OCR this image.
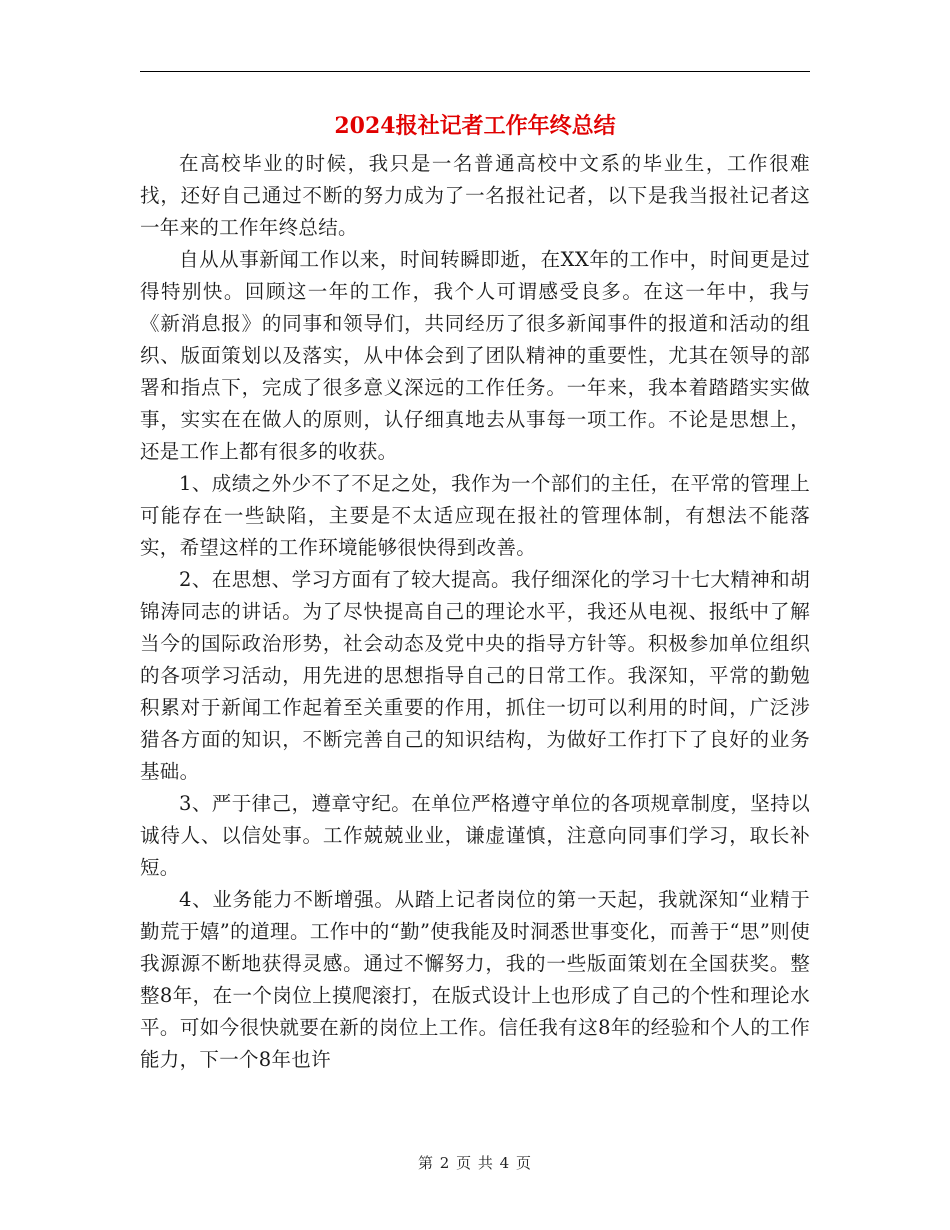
2024报社记者工作年终总结

在高校毕业的时候，我只是一名普通高校中文系的毕业生，工作很难找，还好自己通过不断的努力成为了一名报社记者，以下是我当报社记者这一年来的工作年终总结。

自从从事新闻工作以来，时间转瞬即逝，在XX年的工作中，时间更是过得特别快。回顾这一年的工作，我个人可谓感受良多。在这一年中，我与《新消息报》的同事和领导们，共同经历了很多新闻事件的报道和活动的组织、版面策划以及落实，从中体会到了团队精神的重要性，尤其在领导的部署和指点下，完成了很多意义深远的工作任务。一年来，我本着踏踏实实做事，实实在在做人的原则，认仔细真地去从事每一项工作。不论是思想上，还是工作上都有很多的收获。

1、成绩之外少不了不足之处，我作为一个部们的主任，在平常的管理上可能存在一些缺陷，主要是不太适应现在报社的管理体制，有想法不能落实，希望这样的工作环境能够很快得到改善。

2、在思想、学习方面有了较大提高。我仔细深化的学习十七大精神和胡锦涛同志的讲话。为了尽快提高自己的理论水平，我还从电视、报纸中了解当今的国际政治形势，社会动态及党中央的指导方针等。积极参加单位组织的各项学习活动，用先进的思想指导自己的日常工作。我深知，平常的勤勉积累对于新闻工作起着至关重要的作用，抓住一切可以利用的时间，广泛涉猎各方面的知识，不断完善自己的知识结构，为做好工作打下了良好的业务基础。

3、严于律己，遵章守纪。在单位严格遵守单位的各项规章制度，坚持以诚待人、以信处事。工作兢兢业业，谦虚谨慎，注意向同事们学习，取长补短。

4、业务能力不断增强。从踏上记者岗位的第一天起，我就深知“业精于勤荒于嬉”的道理。工作中的“勤”使我能及时洞悉世事变化，而善于“思”则使我源源不断地获得灵感。通过不懈努力，我的一些版面策划在全国获奖。整整8年，在一个岗位上摸爬滚打，在版式设计上也形成了自己的个性和理论水平。可如今很快就要在新的岗位上工作。信任我有这8年的经验和个人的工作能力，下一个8年也许

第 2 页 共 4 页
